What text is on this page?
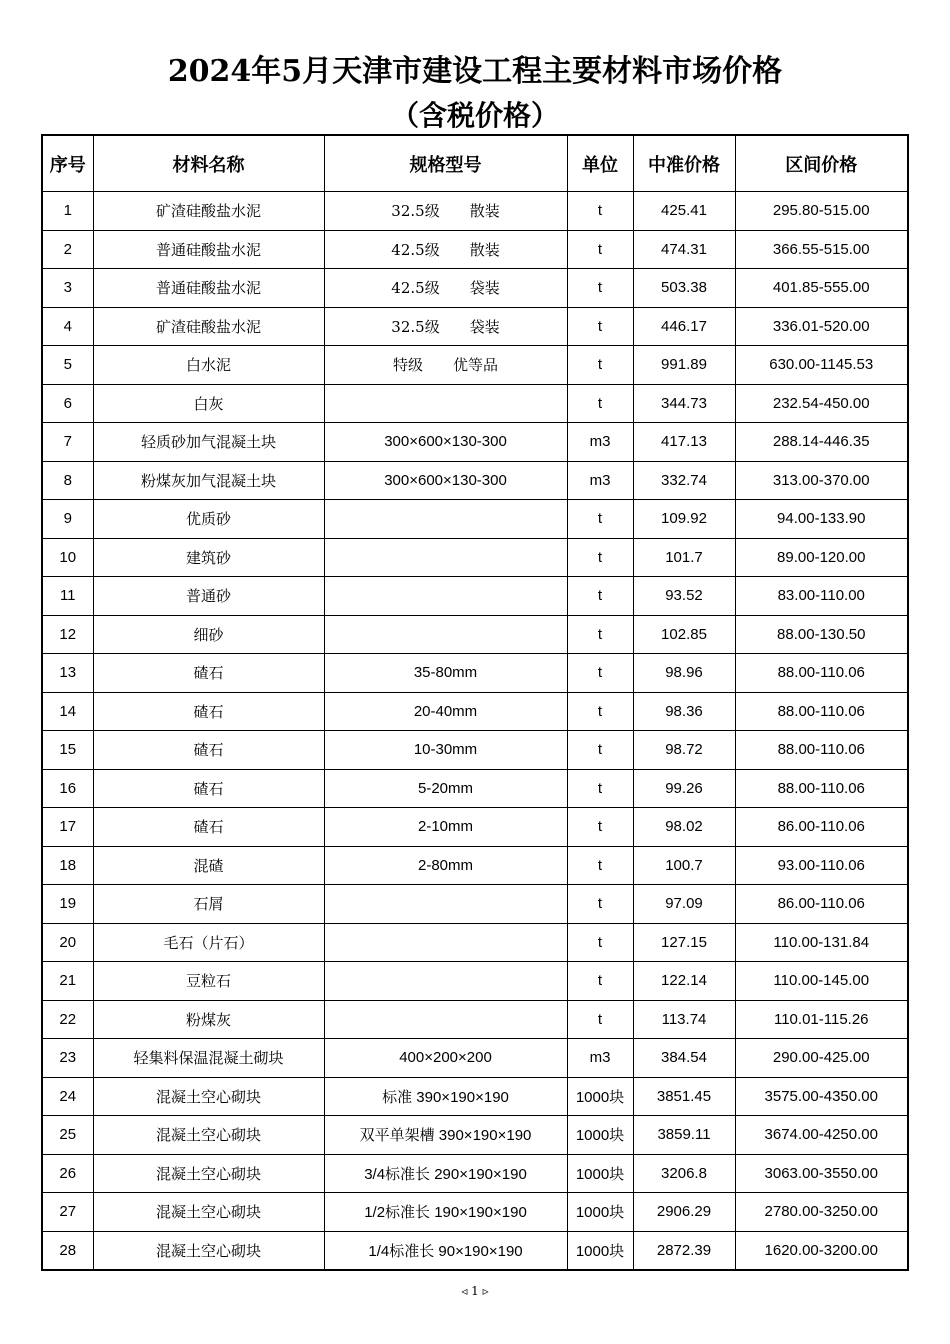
2024年5月天津市建设工程主要材料市场价格
（含税价格）
序号	材料名称	规格型号	单位	中准价格	区间价格
1	矿渣硅酸盐水泥	32.5级　　散装	t	425.41	295.80-515.00
2	普通硅酸盐水泥	42.5级　　散装	t	474.31	366.55-515.00
3	普通硅酸盐水泥	42.5级　　袋装	t	503.38	401.85-555.00
4	矿渣硅酸盐水泥	32.5级　　袋装	t	446.17	336.01-520.00
5	白水泥	特级　　优等品	t	991.89	630.00-1145.53
6	白灰		t	344.73	232.54-450.00
7	轻质砂加气混凝土块	300×600×130-300	m3	417.13	288.14-446.35
8	粉煤灰加气混凝土块	300×600×130-300	m3	332.74	313.00-370.00
9	优质砂		t	109.92	94.00-133.90
10	建筑砂		t	101.7	89.00-120.00
11	普通砂		t	93.52	83.00-110.00
12	细砂		t	102.85	88.00-130.50
13	碴石	35-80mm	t	98.96	88.00-110.06
14	碴石	20-40mm	t	98.36	88.00-110.06
15	碴石	10-30mm	t	98.72	88.00-110.06
16	碴石	5-20mm	t	99.26	88.00-110.06
17	碴石	2-10mm	t	98.02	86.00-110.06
18	混碴	2-80mm	t	100.7	93.00-110.06
19	石屑		t	97.09	86.00-110.06
20	毛石（片石）		t	127.15	110.00-131.84
21	豆粒石		t	122.14	110.00-145.00
22	粉煤灰		t	113.74	110.01-115.26
23	轻集料保温混凝土砌块	400×200×200	m3	384.54	290.00-425.00
24	混凝土空心砌块	标准 390×190×190	1000块	3851.45	3575.00-4350.00
25	混凝土空心砌块	双平单架槽 390×190×190	1000块	3859.11	3674.00-4250.00
26	混凝土空心砌块	3/4标准长 290×190×190	1000块	3206.8	3063.00-3550.00
27	混凝土空心砌块	1/2标准长 190×190×190	1000块	2906.29	2780.00-3250.00
28	混凝土空心砌块	1/4标准长 90×190×190	1000块	2872.39	1620.00-3200.00
◃ 1 ▹
